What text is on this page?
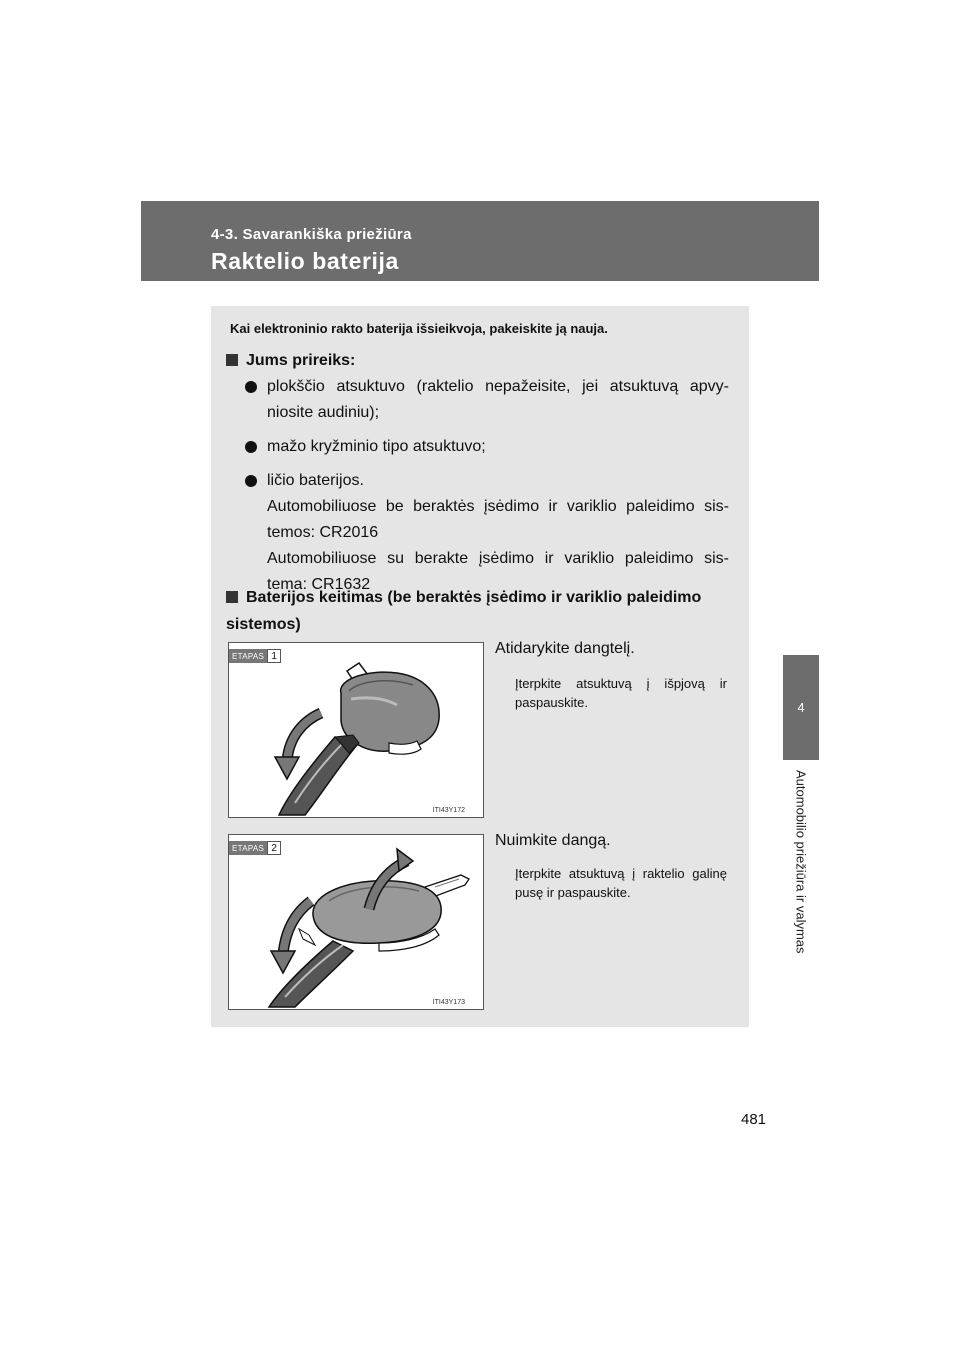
4-3. Savarankiška priežiūra
Raktelio baterija
4
Automobilio priežiūra ir valymas
Kai elektroninio rakto baterija išsieikvoja, pakeiskite ją nauja.
Jums prireiks:
plokščio atsuktuvo (raktelio nepažeisite, jei atsuktuvą apvy- niosite audiniu);
mažo kryžminio tipo atsuktuvo;
ličio baterijos.
Automobiliuose be beraktės įsėdimo ir variklio paleidimo sis- temos: CR2016
Automobiliuose su berakte įsėdimo ir variklio paleidimo sis- tema: CR1632
Baterijos keitimas (be beraktės įsėdimo ir variklio paleidimo sistemos)
ETAPAS 1
ITI43Y172
Atidarykite dangtelį.
Įterpkite atsuktuvą į išpjovą ir paspauskite.
ETAPAS 2
ITI43Y173
Nuimkite dangą.
Įterpkite atsuktuvą į raktelio galinę pusę ir paspauskite.
481
